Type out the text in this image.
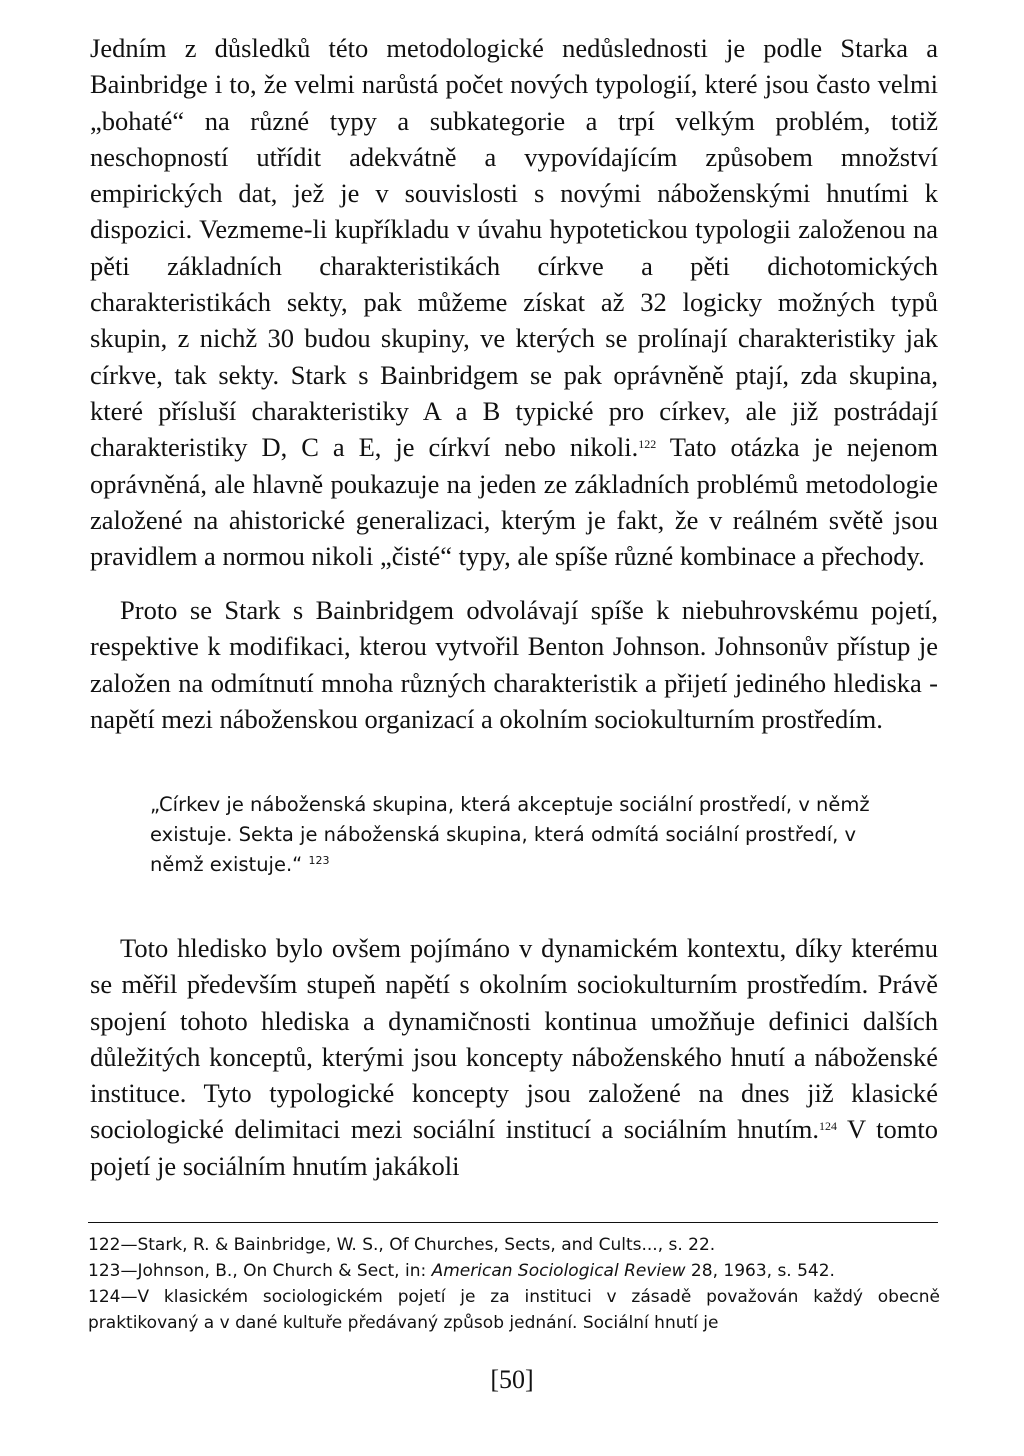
Jedním z důsledků této metodologické nedůslednosti je podle Starka a Bainbridge i to, že velmi narůstá počet nových typologií, které jsou často velmi „bohaté“ na různé typy a subkategorie a trpí velkým problém, totiž neschopností utřídit adekvátně a vypovídajícím způsobem množství empirických dat, jež je v souvislosti s novými náboženskými hnutími k dispozici. Vezmeme-li kupříkladu v úvahu hypotetickou typologii založenou na pěti základních charakteristikách církve a pěti dichotomických charakteristikách sekty, pak můžeme získat až 32 logicky možných typů skupin, z nichž 30 budou skupiny, ve kterých se prolínají charakteristiky jak církve, tak sekty. Stark s Bainbridgem se pak oprávněně ptají, zda skupina, které přísluší charakteristiky A a B typické pro církev, ale již postrádají charakteristiky D, C a E, je církví nebo nikoli.$^{122}$ Tato otázka je nejenom oprávněná, ale hlavně poukazuje na jeden ze základních problémů metodologie založené na ahistorické generalizaci, kterým je fakt, že v reálném světě jsou pravidlem a normou nikoli „čisté“ typy, ale spíše různé kombinace a přechody.

Proto se Stark s Bainbridgem odvolávají spíše k niebuhrovskému pojetí, respektive k modifikaci, kterou vytvořil Benton Johnson. Johnsonův přístup je založen na odmítnutí mnoha různých charakteristik a přijetí jediného hlediska - napětí mezi náboženskou organizací a okolním sociokulturním prostředím.

„Církev je náboženská skupina, která akceptuje sociální prostředí, v němž existuje. Sekta je náboženská skupina, která odmítá sociální prostředí, v němž existuje.“ $^{123}$

Toto hledisko bylo ovšem pojímáno v dynamickém kontextu, díky kterému se měřil především stupeň napětí s okolním sociokulturním prostředím. Právě spojení tohoto hlediska a dynamičnosti kontinua umožňuje definici dalších důležitých konceptů, kterými jsou koncepty náboženského hnutí a náboženské instituce. Tyto typologické koncepty jsou založené na dnes již klasické sociologické delimitaci mezi sociální institucí a sociálním hnutím.$^{124}$ V tomto pojetí je sociálním hnutím jakákoli

122—Stark, R. & Bainbridge, W. S., Of Churches, Sects, and Cults..., s. 22.

123—Johnson, B., On Church & Sect, in: American Sociological Review 28, 1963, s. 542.

124—V klasickém sociologickém pojetí je za instituci v zásadě považován každý obecně praktikovaný a v dané kultuře předávaný způsob jednání. Sociální hnutí je

[50]
